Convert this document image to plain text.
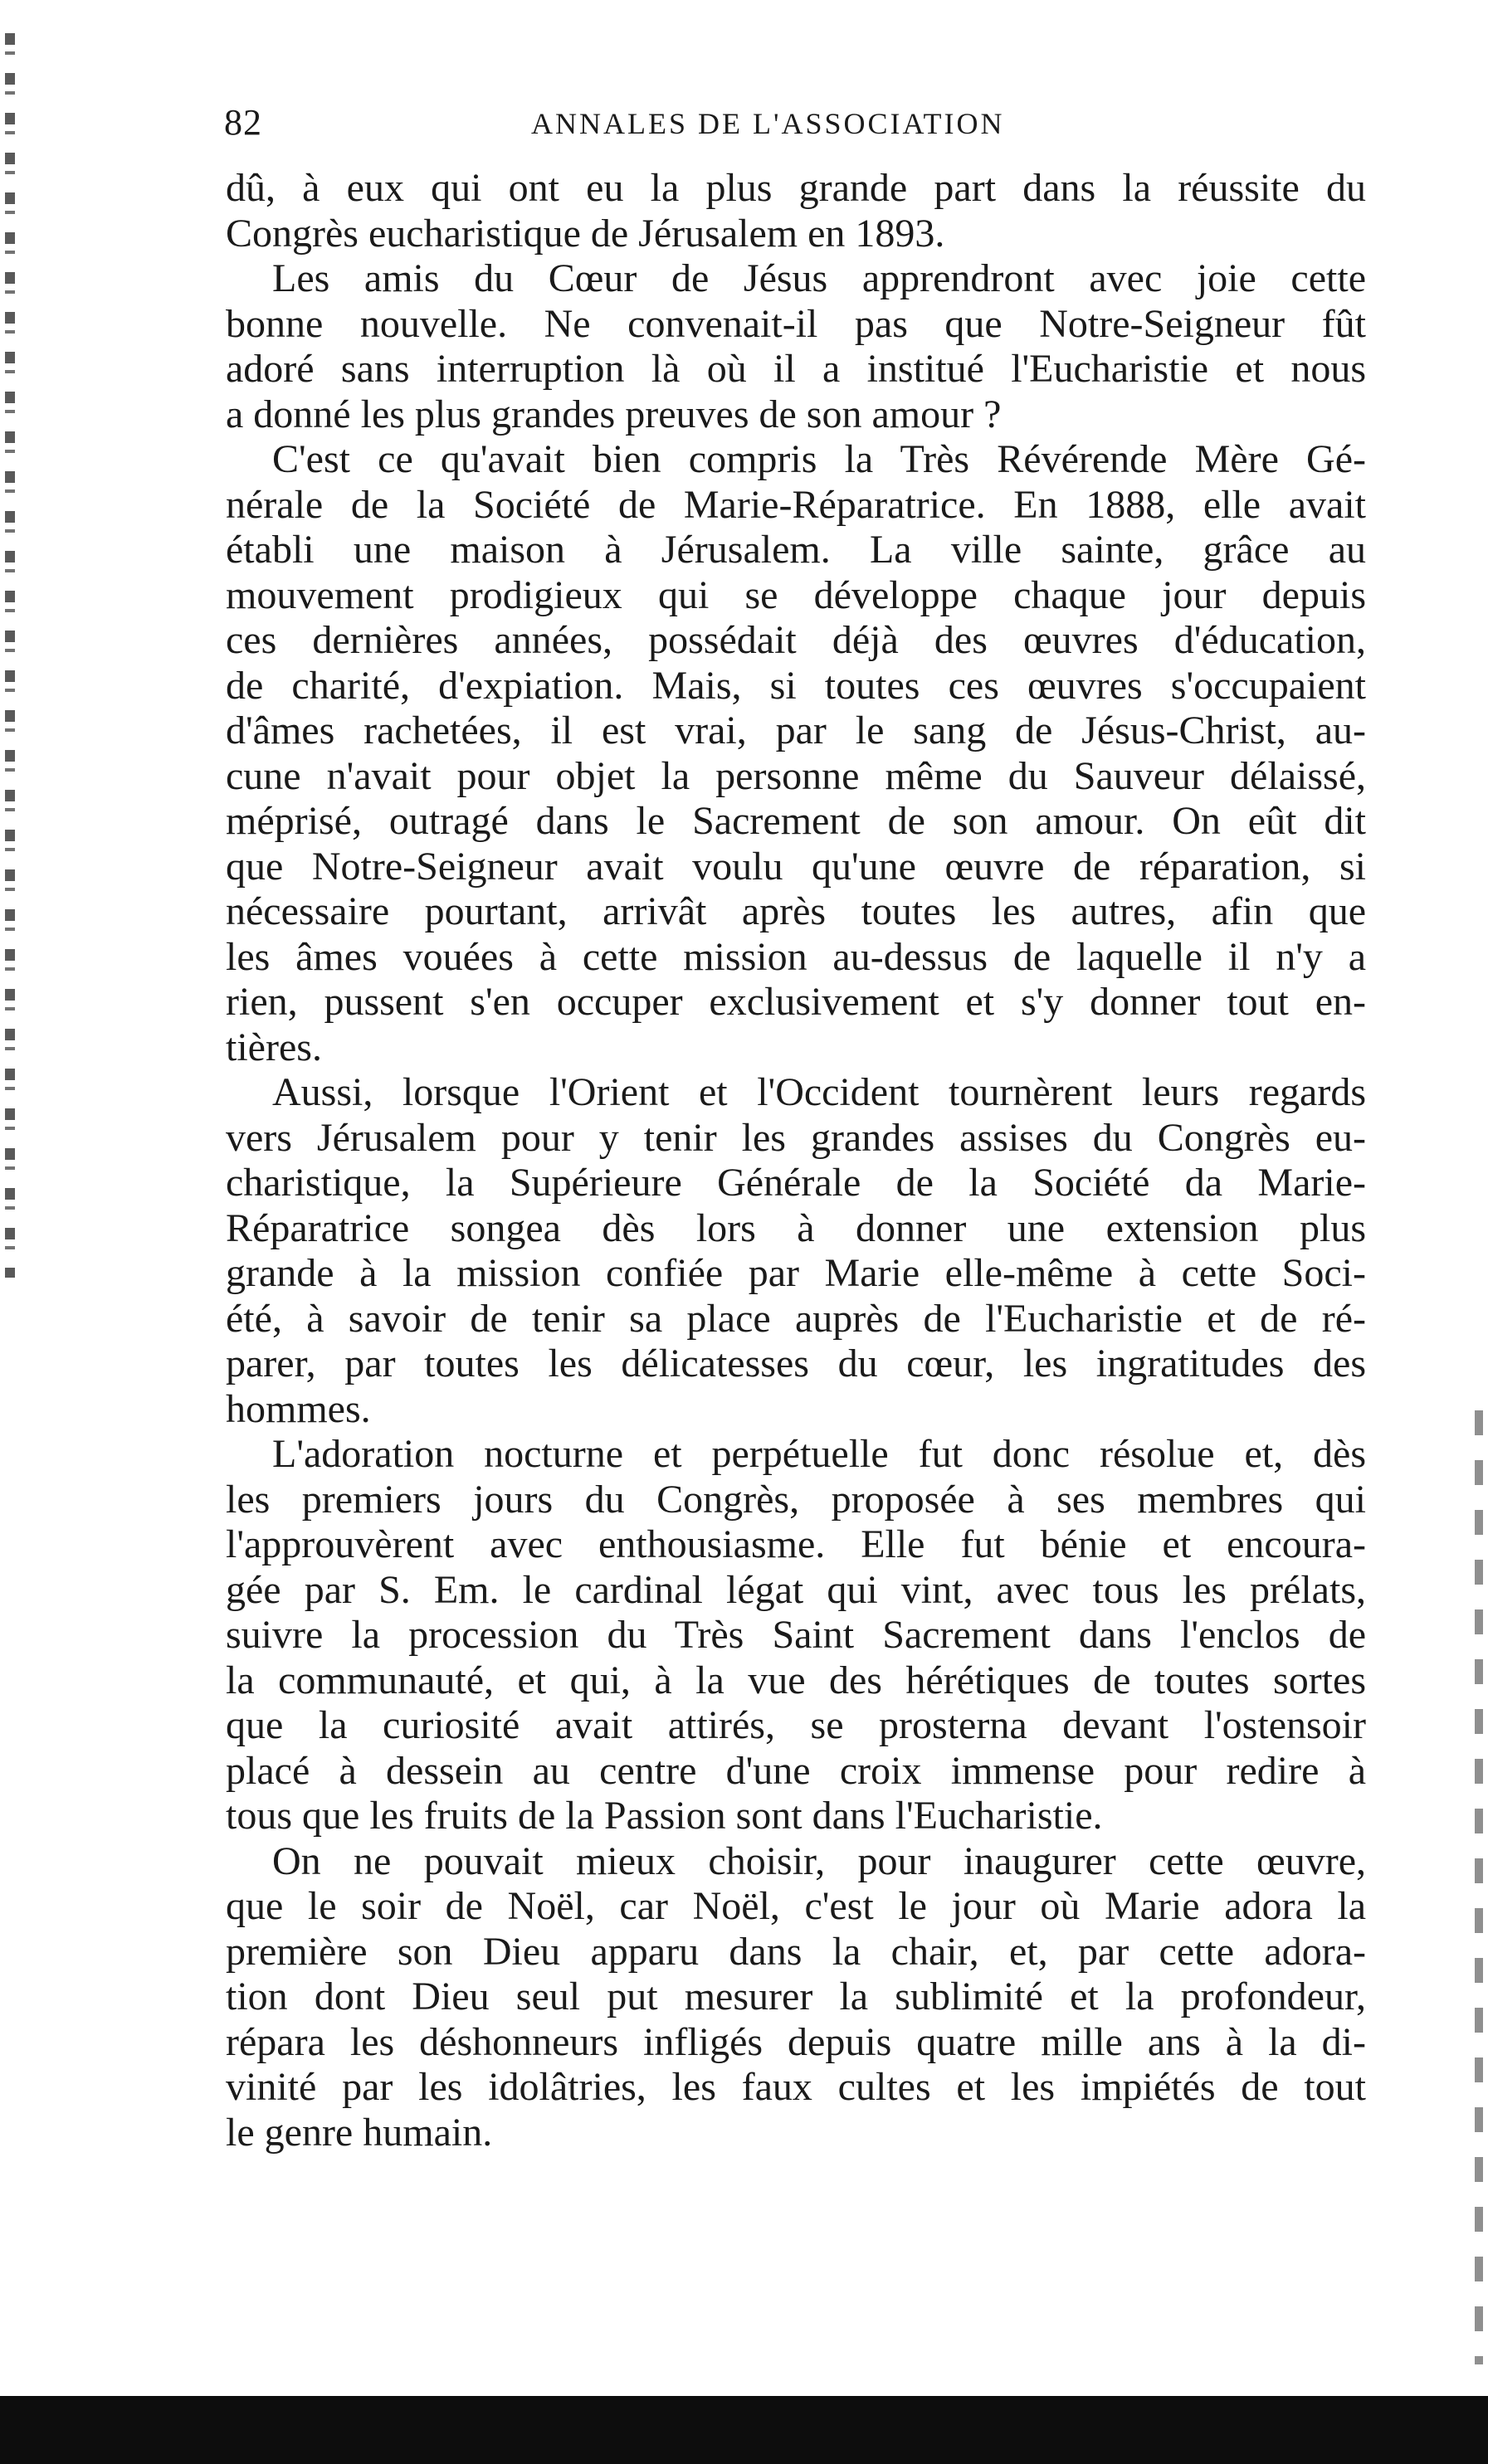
82	ANNALES DE L'ASSOCIATION
dû, à eux qui ont eu la plus grande part dans la réussite du
Congrès eucharistique de Jérusalem en 1893.
Les amis du Cœur de Jésus apprendront avec joie cette
bonne nouvelle. Ne convenait-il pas que Notre-Seigneur fût
adoré sans interruption là où il a institué l'Eucharistie et nous
a donné les plus grandes preuves de son amour ?
C'est ce qu'avait bien compris la Très Révérende Mère Gé-
nérale de la Société de Marie-Réparatrice. En 1888, elle avait
établi une maison à Jérusalem. La ville sainte, grâce au
mouvement prodigieux qui se développe chaque jour depuis
ces dernières années, possédait déjà des œuvres d'éducation,
de charité, d'expiation. Mais, si toutes ces œuvres s'occupaient
d'âmes rachetées, il est vrai, par le sang de Jésus-Christ, au-
cune n'avait pour objet la personne même du Sauveur délaissé,
méprisé, outragé dans le Sacrement de son amour. On eût dit
que Notre-Seigneur avait voulu qu'une œuvre de réparation, si
nécessaire pourtant, arrivât après toutes les autres, afin que
les âmes vouées à cette mission au-dessus de laquelle il n'y a
rien, pussent s'en occuper exclusivement et s'y donner tout en-
tières.
Aussi, lorsque l'Orient et l'Occident tournèrent leurs regards
vers Jérusalem pour y tenir les grandes assises du Congrès eu-
charistique, la Supérieure Générale de la Société da Marie-
Réparatrice songea dès lors à donner une extension plus
grande à la mission confiée par Marie elle-même à cette Soci-
été, à savoir de tenir sa place auprès de l'Eucharistie et de ré-
parer, par toutes les délicatesses du cœur, les ingratitudes des
hommes.
L'adoration nocturne et perpétuelle fut donc résolue et, dès
les premiers jours du Congrès, proposée à ses membres qui
l'approuvèrent avec enthousiasme. Elle fut bénie et encoura-
gée par S. Em. le cardinal légat qui vint, avec tous les prélats,
suivre la procession du Très Saint Sacrement dans l'enclos de
la communauté, et qui, à la vue des hérétiques de toutes sortes
que la curiosité avait attirés, se prosterna devant l'ostensoir
placé à dessein au centre d'une croix immense pour redire à
tous que les fruits de la Passion sont dans l'Eucharistie.
On ne pouvait mieux choisir, pour inaugurer cette œuvre,
que le soir de Noël, car Noël, c'est le jour où Marie adora la
première son Dieu apparu dans la chair, et, par cette adora-
tion dont Dieu seul put mesurer la sublimité et la profondeur,
répara les déshonneurs infligés depuis quatre mille ans à la di-
vinité par les idolâtries, les faux cultes et les impiétés de tout
le genre humain.
